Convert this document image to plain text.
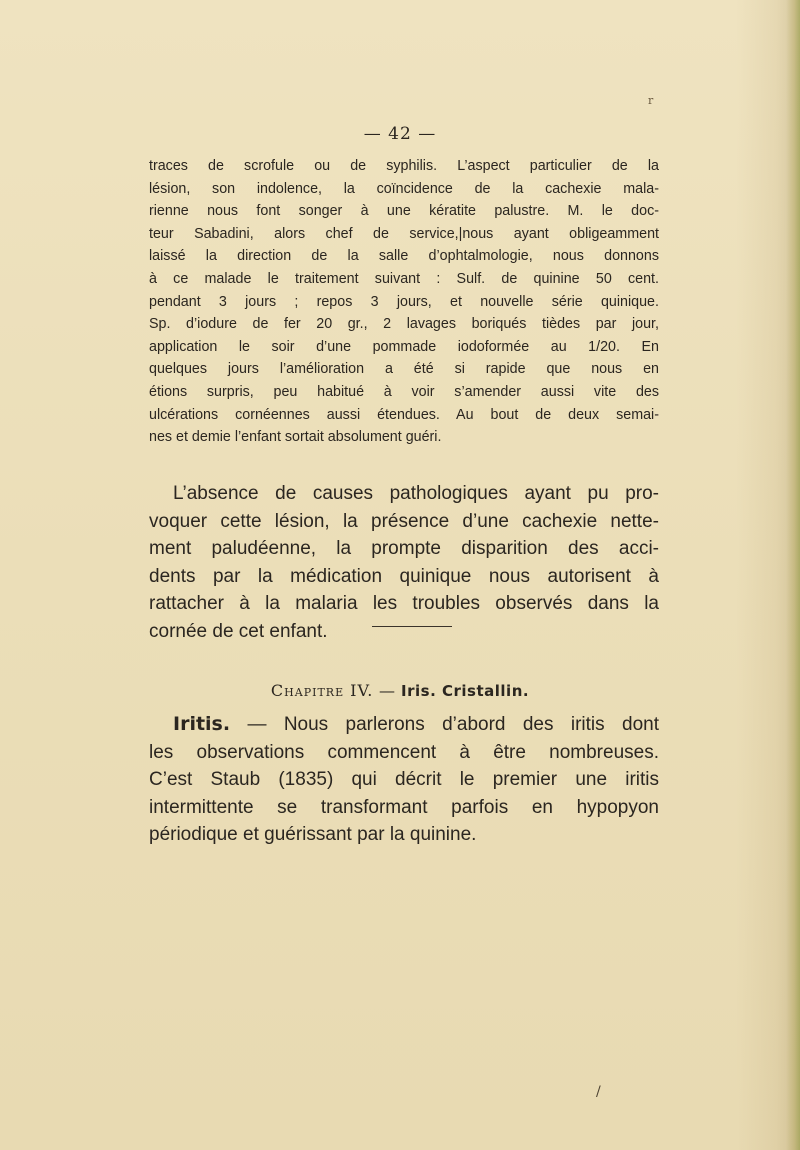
r
— 42 —
traces de scrofule ou de syphilis. L’aspect particulier de la
lésion, son indolence, la coïncidence de la cachexie mala-
rienne nous font songer à une kératite palustre. M. le doc-
teur Sabadini, alors chef de service,|nous ayant obligeamment
laissé la direction de la salle d’ophtalmologie, nous donnons
à ce malade le traitement suivant : Sulf. de quinine 50 cent.
pendant 3 jours ; repos 3 jours, et nouvelle série quinique.
Sp. d’iodure de fer 20 gr., 2 lavages boriqués tièdes par jour,
application le soir d’une pommade iodoformée au 1/20. En
quelques jours l’amélioration a été si rapide que nous en
étions surpris, peu habitué à voir s’amender aussi vite des
ulcérations cornéennes aussi étendues. Au bout de deux semai-
nes et demie l’enfant sortait absolument guéri.
L’absence de causes pathologiques ayant pu pro-
voquer cette lésion, la présence d’une cachexie nette-
ment paludéenne, la prompte disparition des acci-
dents par la médication quinique nous autorisent à
rattacher à la malaria les troubles observés dans la
cornée de cet enfant.
Chapitre IV. — Iris. Cristallin.
Iritis. — Nous parlerons d’abord des iritis dont
les observations commencent à être nombreuses.
C’est Staub (1835) qui décrit le premier une iritis
intermittente se transformant parfois en hypopyon
périodique et guérissant par la quinine.
/
